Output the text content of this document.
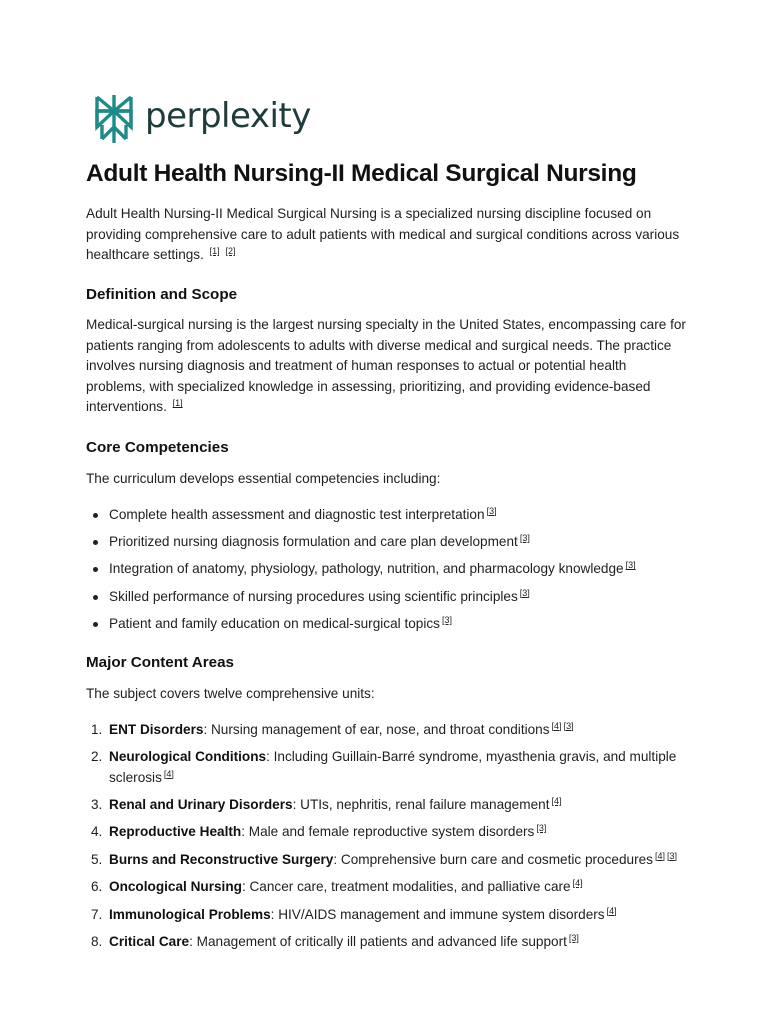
perplexity
Adult Health Nursing-II Medical Surgical Nursing

Adult Health Nursing-II Medical Surgical Nursing is a specialized nursing discipline focused on providing comprehensive care to adult patients with medical and surgical conditions across various healthcare settings. [1] [2]

Definition and Scope

Medical-surgical nursing is the largest nursing specialty in the United States, encompassing care for patients ranging from adolescents to adults with diverse medical and surgical needs. The practice involves nursing diagnosis and treatment of human responses to actual or potential health problems, with specialized knowledge in assessing, prioritizing, and providing evidence-based interventions. [1]

Core Competencies

The curriculum develops essential competencies including:

Complete health assessment and diagnostic test interpretation [3]
Prioritized nursing diagnosis formulation and care plan development [3]
Integration of anatomy, physiology, pathology, nutrition, and pharmacology knowledge [3]
Skilled performance of nursing procedures using scientific principles [3]
Patient and family education on medical-surgical topics [3]
Major Content Areas

The subject covers twelve comprehensive units:

1. ENT Disorders: Nursing management of ear, nose, and throat conditions [4] [3]
2. Neurological Conditions: Including Guillain-Barré syndrome, myasthenia gravis, and multiple sclerosis [4]
3. Renal and Urinary Disorders: UTIs, nephritis, renal failure management [4]
4. Reproductive Health: Male and female reproductive system disorders [3]
5. Burns and Reconstructive Surgery: Comprehensive burn care and cosmetic procedures [4] [3]
6. Oncological Nursing: Cancer care, treatment modalities, and palliative care [4]
7. Immunological Problems: HIV/AIDS management and immune system disorders [4]
8. Critical Care: Management of critically ill patients and advanced life support [3]
